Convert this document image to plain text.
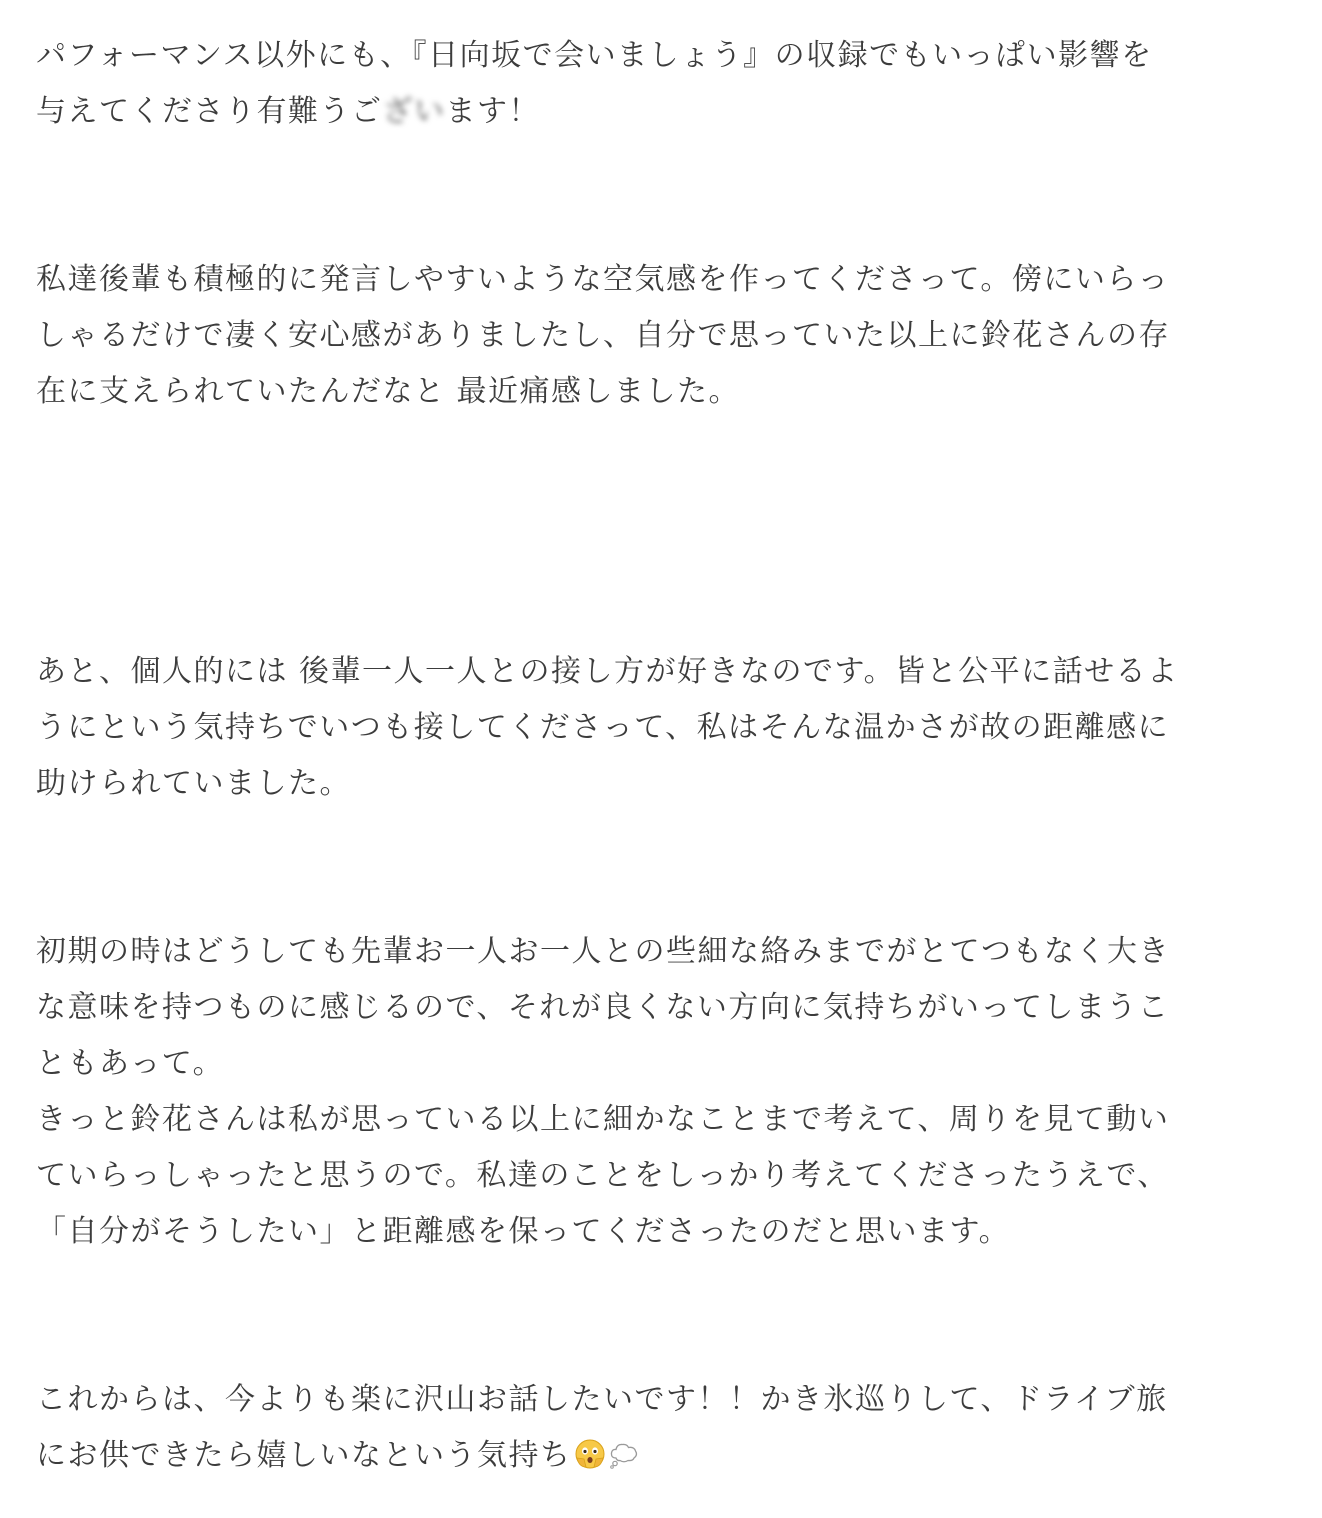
パフォーマンス以外にも、『日向坂で会いましょう』の収録でもいっぱい影響を
与えてくださり有難うございます！
私達後輩も積極的に発言しやすいような空気感を作ってくださって。傍にいらっ
しゃるだけで凄く安心感がありましたし、自分で思っていた以上に鈴花さんの存
在に支えられていたんだなと 最近痛感しました。
あと、個人的には 後輩一人一人との接し方が好きなのです。皆と公平に話せるよ
うにという気持ちでいつも接してくださって、私はそんな温かさが故の距離感に
助けられていました。
初期の時はどうしても先輩お一人お一人との些細な絡みまでがとてつもなく大き
な意味を持つものに感じるので、それが良くない方向に気持ちがいってしまうこ
ともあって。
きっと鈴花さんは私が思っている以上に細かなことまで考えて、周りを見て動い
ていらっしゃったと思うので。私達のことをしっかり考えてくださったうえで、
「自分がそうしたい」と距離感を保ってくださったのだと思います。
これからは、今よりも楽に沢山お話したいです！！かき氷巡りして、ドライブ旅
にお供できたら嬉しいなという気持ち
